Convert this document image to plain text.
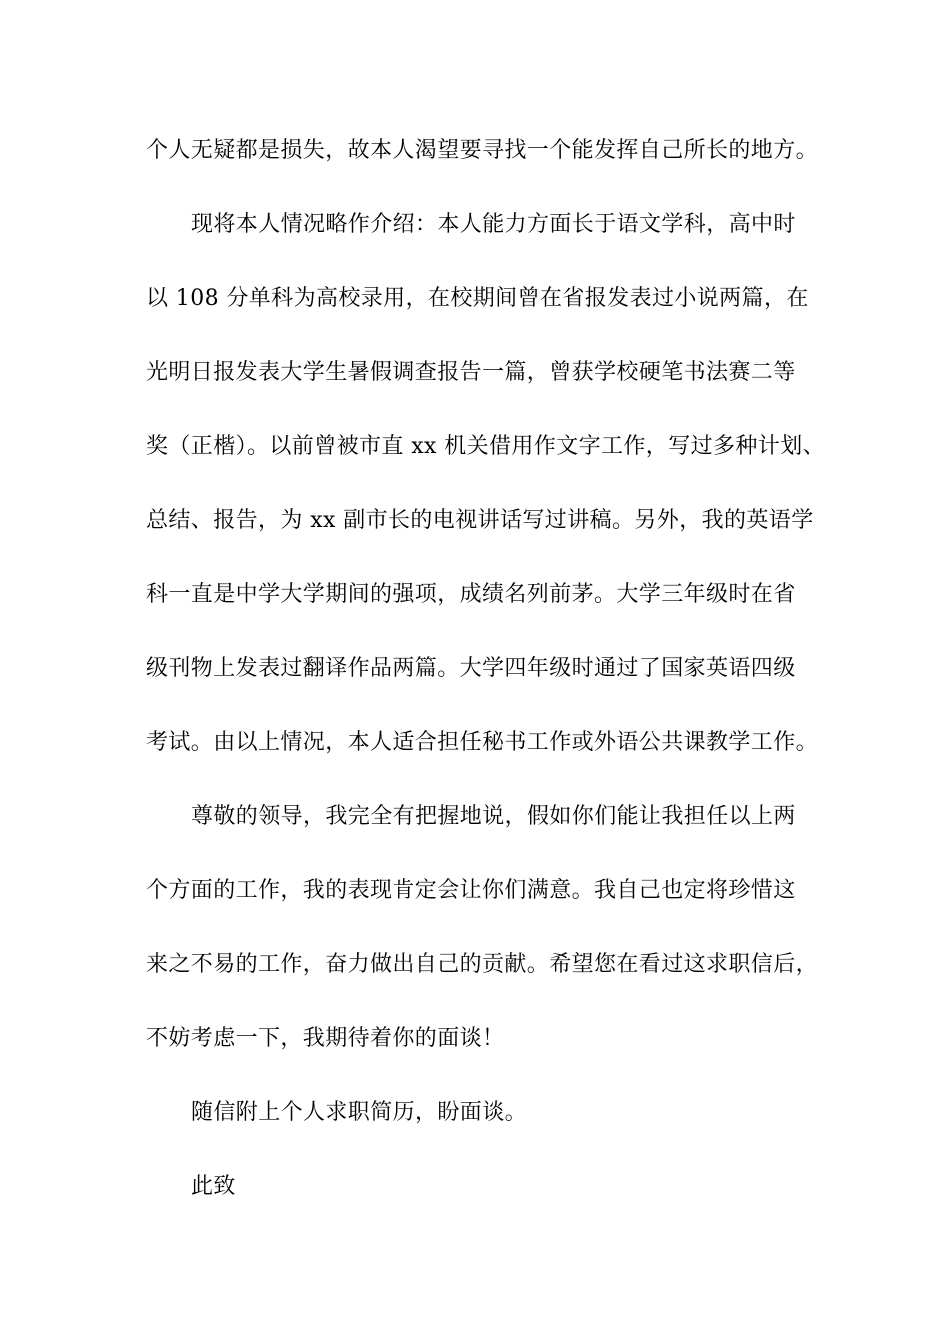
个人无疑都是损失，故本人渴望要寻找一个能发挥自己所长的地方。
现将本人情况略作介绍：本人能力方面长于语文学科，高中时
以 108 分单科为高校录用，在校期间曾在省报发表过小说两篇，在
光明日报发表大学生暑假调查报告一篇，曾获学校硬笔书法赛二等
奖（正楷）。以前曾被市直 xx 机关借用作文字工作，写过多种计划、
总结、报告，为 xx 副市长的电视讲话写过讲稿。另外，我的英语学
科一直是中学大学期间的强项，成绩名列前茅。大学三年级时在省
级刊物上发表过翻译作品两篇。大学四年级时通过了国家英语四级
考试。由以上情况，本人适合担任秘书工作或外语公共课教学工作。
尊敬的领导，我完全有把握地说，假如你们能让我担任以上两
个方面的工作，我的表现肯定会让你们满意。我自己也定将珍惜这
来之不易的工作，奋力做出自己的贡献。希望您在看过这求职信后，
不妨考虑一下，我期待着你的面谈！
随信附上个人求职简历，盼面谈。
此致
